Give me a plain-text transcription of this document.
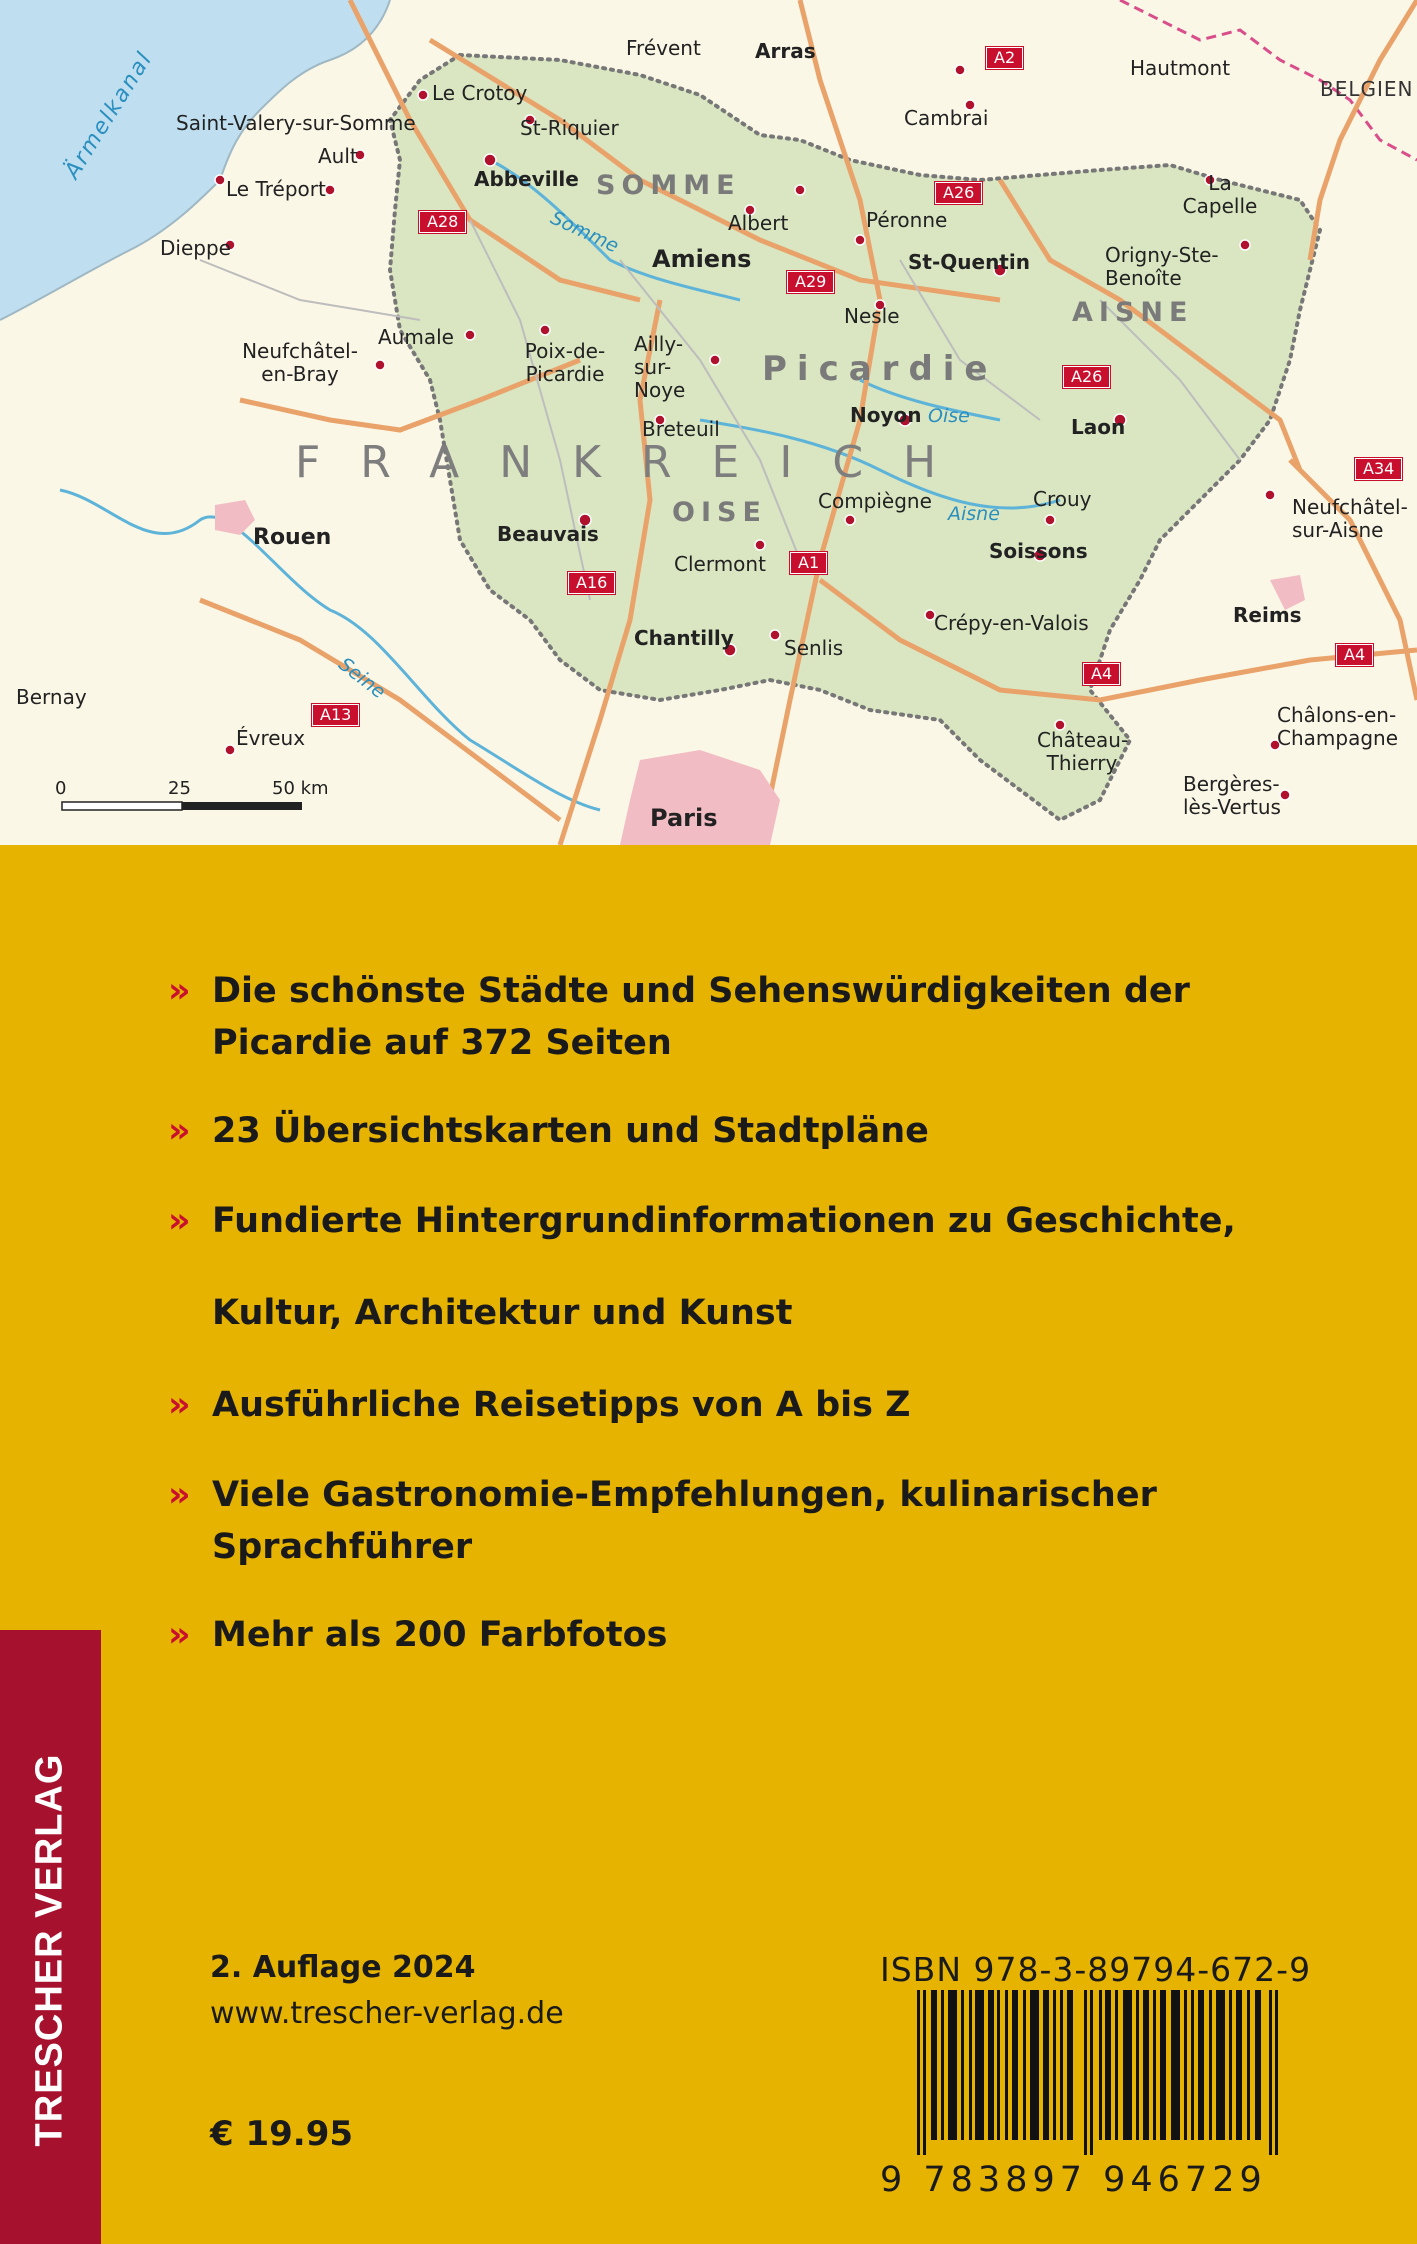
Ärmelkanal	BELGIEN
FRANKREICH
SOMME
AISNE
OISE
Picardie
Somme
Oise
Aisne
Seine
Frévent	Arras
Hautmont
Le Crotoy
Saint-Valery-sur-Somme	St-Riquier	Cambrai
Ault
Abbeville
Le Tréport	La Capelle
Albert	Péronne
Dieppe	Amiens	St-Quentin	Origny-Ste-Benoîte
Nesle
Aumale
Neufchâtel-en-Bray
Poix-de-Picardie
Ailly-sur-Noye
Noyon	Laon
Breteuil
Neufchâtel-sur-Aisne
Compiègne	Crouy
Rouen	Beauvais
Clermont
Soissons
Reims
Chantilly	Senlis
Crépy-en-Valois
Bernay
Évreux	Château-Thierry
Châlons-en-Champagne
Bergères-lès-Vertus
Paris
A2
A26
A28
A29
A26
A34
A1
A16
A4
A4
A13
0	25	50 km
» Die schönste Städte und Sehenswürdigkeiten der Picardie auf 372 Seiten
» 23 Übersichtskarten und Stadtpläne
» Fundierte Hintergrundinformationen zu Geschichte,
Kultur, Architektur und Kunst
» Ausführliche Reisetipps von A bis Z
» Viele Gastronomie-Empfehlungen, kulinarischer Sprachführer
» Mehr als 200 Farbfotos
TRESCHER VERLAG	2. Auflage 2024
www.trescher-verlag.de
€ 19.95
ISBN 978-3-89794-672-9
9 783897 946729
